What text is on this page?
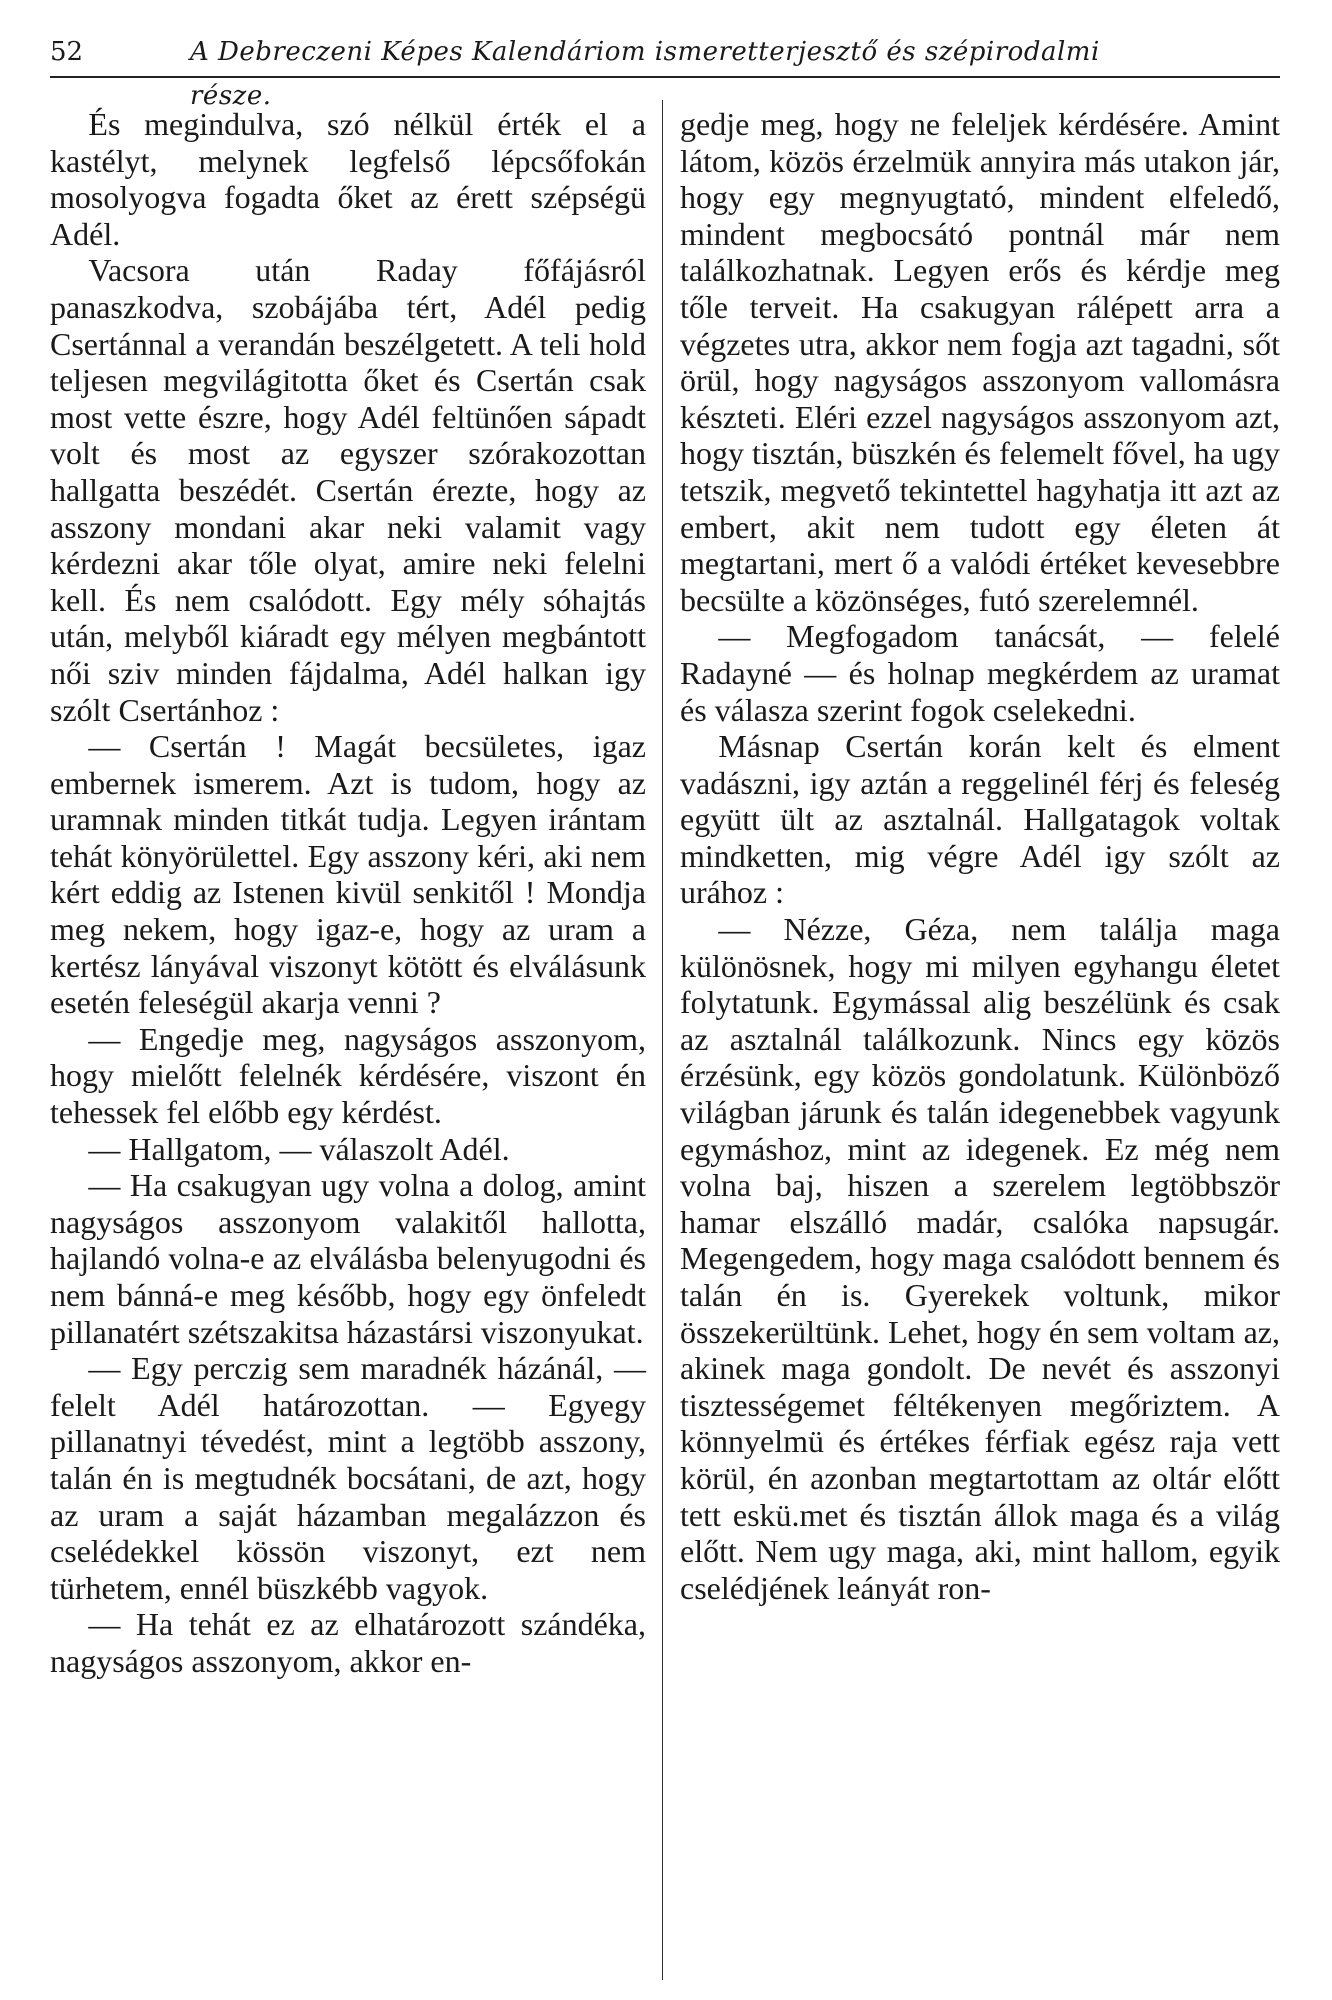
52	A Debreczeni Képes Kalendáriom ismeretterjesztő és szépirodalmi része.

És megindulva, szó nélkül érték el a kastélyt, melynek legfelső lépcsőfokán mosolyogva fogadta őket az érett szépségü Adél.

Vacsora után Raday főfájásról panaszkodva, szobájába tért, Adél pedig Csertánnal a verandán beszélgetett. A teli hold teljesen megvilágitotta őket és Csertán csak most vette észre, hogy Adél feltünően sápadt volt és most az egyszer szórakozottan hallgatta beszédét. Csertán érezte, hogy az asszony mondani akar neki valamit vagy kérdezni akar tőle olyat, amire neki felelni kell. És nem csalódott. Egy mély sóhajtás után, melyből kiáradt egy mélyen megbántott női sziv minden fájdalma, Adél halkan igy szólt Csertánhoz :

— Csertán ! Magát becsületes, igaz embernek ismerem. Azt is tudom, hogy az uramnak minden titkát tudja. Legyen irántam tehát könyörülettel. Egy asszony kéri, aki nem kért eddig az Istenen kivül senkitől ! Mondja meg nekem, hogy igaz-e, hogy az uram a kertész lányával viszonyt kötött és elválásunk esetén feleségül akarja venni ?

— Engedje meg, nagyságos asszonyom, hogy mielőtt felelnék kérdésére, viszont én tehessek fel előbb egy kérdést.

— Hallgatom, — válaszolt Adél.

— Ha csakugyan ugy volna a dolog, amint nagyságos asszonyom valakitől hallotta, hajlandó volna-e az elválásba belenyugodni és nem bánná-e meg később, hogy egy önfeledt pillanatért szétszakitsa házastársi viszonyukat.

— Egy perczig sem maradnék házánál, — felelt Adél határozottan. — Egyegy pillanatnyi tévedést, mint a legtöbb asszony, talán én is megtudnék bocsátani, de azt, hogy az uram a saját házamban megalázzon és cselédekkel kössön viszonyt, ezt nem türhetem, ennél büszkébb vagyok.

— Ha tehát ez az elhatározott szándéka, nagyságos asszonyom, akkor en-

gedje meg, hogy ne feleljek kérdésére. Amint látom, közös érzelmük annyira más utakon jár, hogy egy megnyugtató, mindent elfeledő, mindent megbocsátó pontnál már nem találkozhatnak. Legyen erős és kérdje meg tőle terveit. Ha csakugyan rálépett arra a végzetes utra, akkor nem fogja azt tagadni, sőt örül, hogy nagyságos asszonyom vallomásra készteti. Eléri ezzel nagyságos asszonyom azt, hogy tisztán, büszkén és felemelt fővel, ha ugy tetszik, megvető tekintettel hagyhatja itt azt az embert, akit nem tudott egy életen át megtartani, mert ő a valódi értéket kevesebbre becsülte a közönséges, futó szerelemnél.

— Megfogadom tanácsát, — felelé Radayné — és holnap megkérdem az uramat és válasza szerint fogok cselekedni.

Másnap Csertán korán kelt és elment vadászni, igy aztán a reggelinél férj és feleség együtt ült az asztalnál. Hallgatagok voltak mindketten, mig végre Adél igy szólt az urához :

— Nézze, Géza, nem találja maga különösnek, hogy mi milyen egyhangu életet folytatunk. Egymással alig beszélünk és csak az asztalnál találkozunk. Nincs egy közös érzésünk, egy közös gondolatunk. Különböző világban járunk és talán idegenebbek vagyunk egymáshoz, mint az idegenek. Ez még nem volna baj, hiszen a szerelem legtöbbször hamar elszálló madár, csalóka napsugár. Megengedem, hogy maga csalódott bennem és talán én is. Gyerekek voltunk, mikor összekerültünk. Lehet, hogy én sem voltam az, akinek maga gondolt. De nevét és asszonyi tisztességemet féltékenyen megőriztem. A könnyelmü és értékes férfiak egész raja vett körül, én azonban megtartottam az oltár előtt tett eskü.met és tisztán állok maga és a világ előtt. Nem ugy maga, aki, mint hallom, egyik cselédjének leányát ron-
